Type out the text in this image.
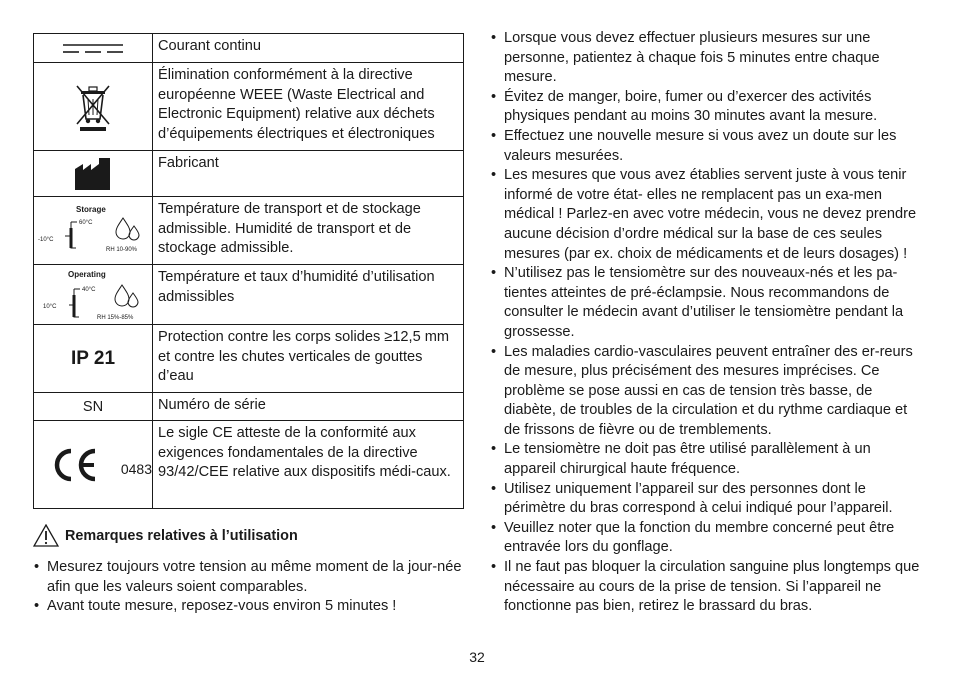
	Courant continu

	Élimination conformément à la directive européenne WEEE (Waste Electrical and Electronic Equipment) relative aux déchets d’équipements électriques et électroniques

	Fabricant

Storage
60°C
-10°C
RH 10-90%	Température de transport et de stockage admissible. Humidité de transport et de stockage admissible.

Operating
40°C
10°C
RH 15%-85%	Température et taux d’humidité d’utilisation admissibles
IP 21	Protection contre les corps solides ≥12,5 mm et contre les chutes verticales de gouttes d’eau
SN	Numéro de série

0483	Le sigle CE atteste de la conformité aux exigences fondamentales de la directive 93/42/CEE relative aux dispositifs médi-caux.
Remarques relatives à l’utilisation
• Mesurez toujours votre tension au même moment de la jour-née afin que les valeurs soient comparables.
• Avant toute mesure, reposez-vous environ 5 minutes !
• Lorsque vous devez effectuer plusieurs mesures sur une personne, patientez à chaque fois 5 minutes entre chaque mesure.
• Évitez de manger, boire, fumer ou d’exercer des activités physiques pendant au moins 30 minutes avant la mesure.
• Effectuez une nouvelle mesure si vous avez un doute sur les valeurs mesurées.
• Les mesures que vous avez établies servent juste à vous tenir informé de votre état- elles ne remplacent pas un exa-men médical ! Parlez-en avec votre médecin, vous ne devez prendre aucune décision d’ordre médical sur la base de ces seules mesures (par ex. choix de médicaments et de leurs dosages) !
• N’utilisez pas le tensiomètre sur des nouveaux-nés et les pa-tientes atteintes de pré-éclampsie. Nous recommandons de consulter le médecin avant d’utiliser le tensiomètre pendant la grossesse.
• Les maladies cardio-vasculaires peuvent entraîner des er-reurs de mesure, plus précisément des mesures imprécises. Ce problème se pose aussi en cas de tension très basse, de diabète, de troubles de la circulation et du rythme cardiaque et de frissons de fièvre ou de tremblements.
• Le tensiomètre ne doit pas être utilisé parallèlement à un appareil chirurgical haute fréquence.
• Utilisez uniquement l’appareil sur des personnes dont le périmètre du bras correspond à celui indiqué pour l’appareil.
• Veuillez noter que la fonction du membre concerné peut être entravée lors du gonflage.
• Il ne faut pas bloquer la circulation sanguine plus longtemps que nécessaire au cours de la prise de tension. Si l’appareil ne fonctionne pas bien, retirez le brassard du bras.
32
